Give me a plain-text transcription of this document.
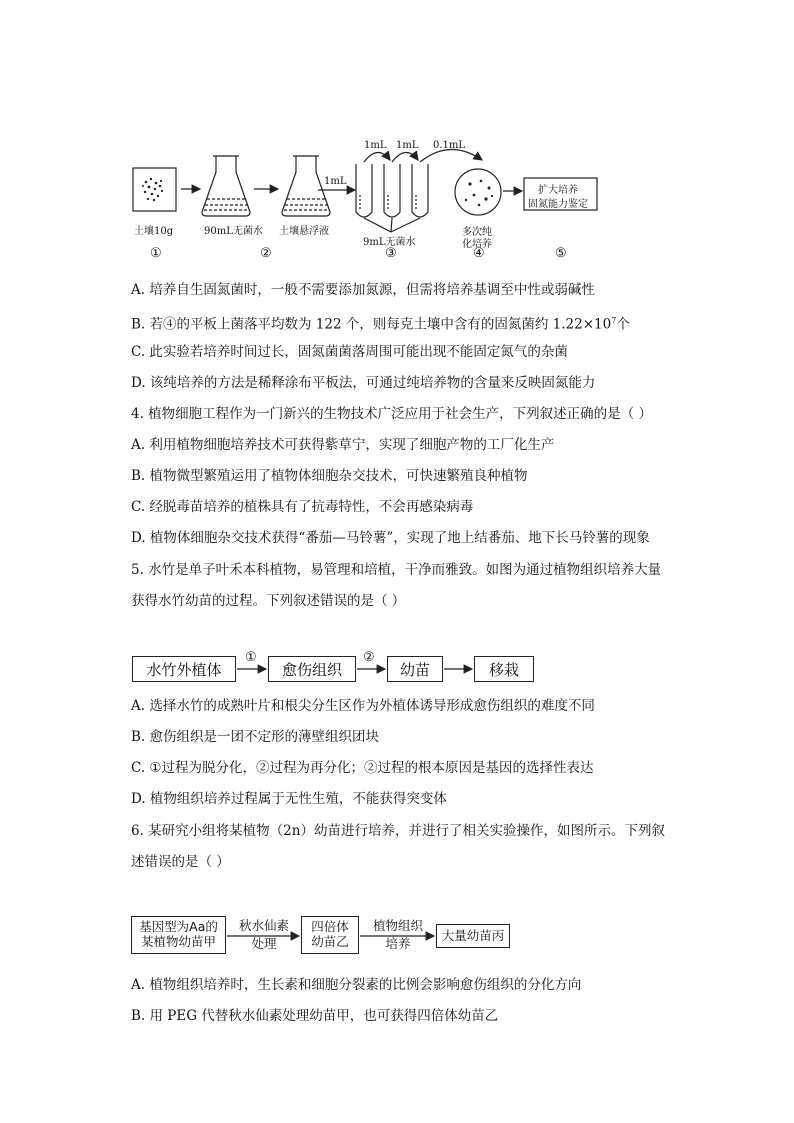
土壤10g	90mL无菌水 土壤悬浮液
1mL
1mL 1mL 0.1mL
9mL无菌水
多次纯
化培养
扩大培养
固氮能力鉴定
①	②	③	④	⑤
A. 培养自生固氮菌时，一般不需要添加氮源，但需将培养基调至中性或弱碱性
B. 若④的平板上菌落平均数为 122 个，则每克土壤中含有的固氮菌约 $1.22\times 10^7$个
C. 此实验若培养时间过长，固氮菌菌落周围可能出现不能固定氮气的杂菌
D. 该纯培养的方法是稀释涂布平板法，可通过纯培养物的含量来反映固氮能力
4. 植物细胞工程作为一门新兴的生物技术广泛应用于社会生产，下列叙述正确的是（ ）
A. 利用植物细胞培养技术可获得紫草宁，实现了细胞产物的工厂化生产
B. 植物微型繁殖运用了植物体细胞杂交技术，可快速繁殖良种植物
C. 经脱毒苗培养的植株具有了抗毒特性，不会再感染病毒
D. 植物体细胞杂交技术获得“番茄—马铃薯”，实现了地上结番茄、地下长马铃薯的现象
5. 水竹是单子叶禾本科植物，易管理和培植，干净而雅致。如图为通过植物组织培养大量
获得水竹幼苗的过程。下列叙述错误的是（ ）
水竹外植体	愈伤组织	幼苗	移栽
①	②
A. 选择水竹的成熟叶片和根尖分生区作为外植体诱导形成愈伤组织的难度不同
B. 愈伤组织是一团不定形的薄壁组织团块
C. ①过程为脱分化，②过程为再分化；②过程的根本原因是基因的选择性表达
D. 植物组织培养过程属于无性生殖，不能获得突变体
6. 某研究小组将某植物（2n）幼苗进行培养，并进行了相关实验操作，如图所示。下列叙
述错误的是（ ）
基因型为Aa的
某植物幼苗甲
秋水仙素
处理
四倍体
幼苗乙
植物组织
培养
大量幼苗丙
A. 植物组织培养时，生长素和细胞分裂素的比例会影响愈伤组织的分化方向
B. 用 PEG 代替秋水仙素处理幼苗甲，也可获得四倍体幼苗乙
